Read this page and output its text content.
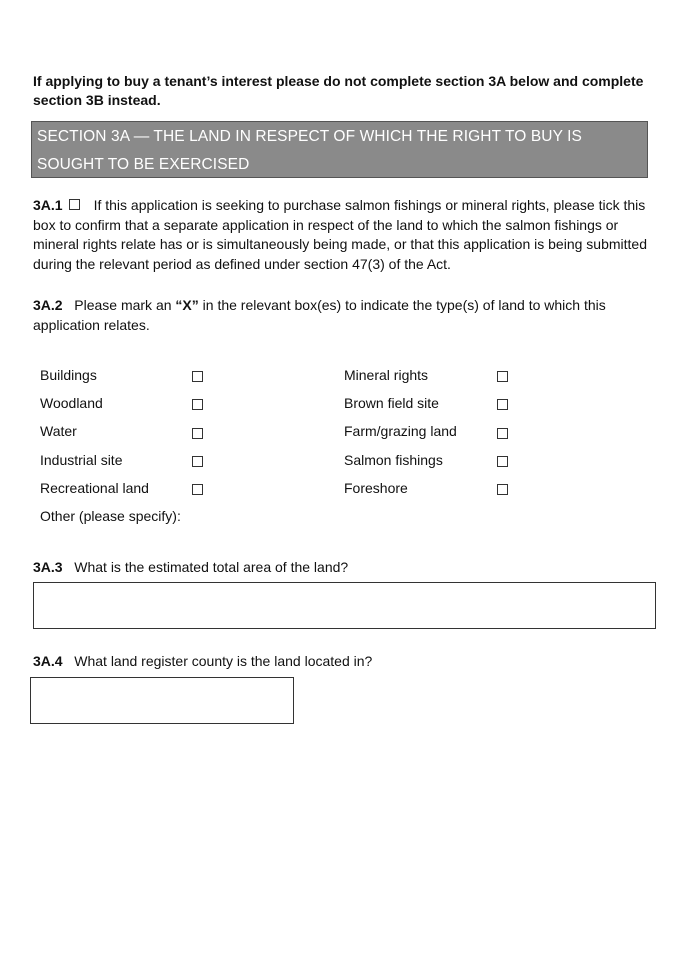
If applying to buy a tenant’s interest please do not complete section 3A below and complete section 3B instead.
SECTION 3A — THE LAND IN RESPECT OF WHICH THE RIGHT TO BUY IS
SOUGHT TO BE EXERCISED
3A.1 If this application is seeking to purchase salmon fishings or mineral rights, please tick this box to confirm that a separate application in respect of the land to which the salmon fishings or mineral rights relate has or is simultaneously being made, or that this application is being submitted during the relevant period as defined under section 47(3) of the Act.
3A.2 Please mark an “X” in the relevant box(es) to indicate the type(s) of land to which this application relates.
Buildings
Woodland
Water
Industrial site
Recreational land
Mineral rights
Brown field site
Farm/grazing land
Salmon fishings
Foreshore
Other (please specify):
3A.3 What is the estimated total area of the land?
3A.4 What land register county is the land located in?
